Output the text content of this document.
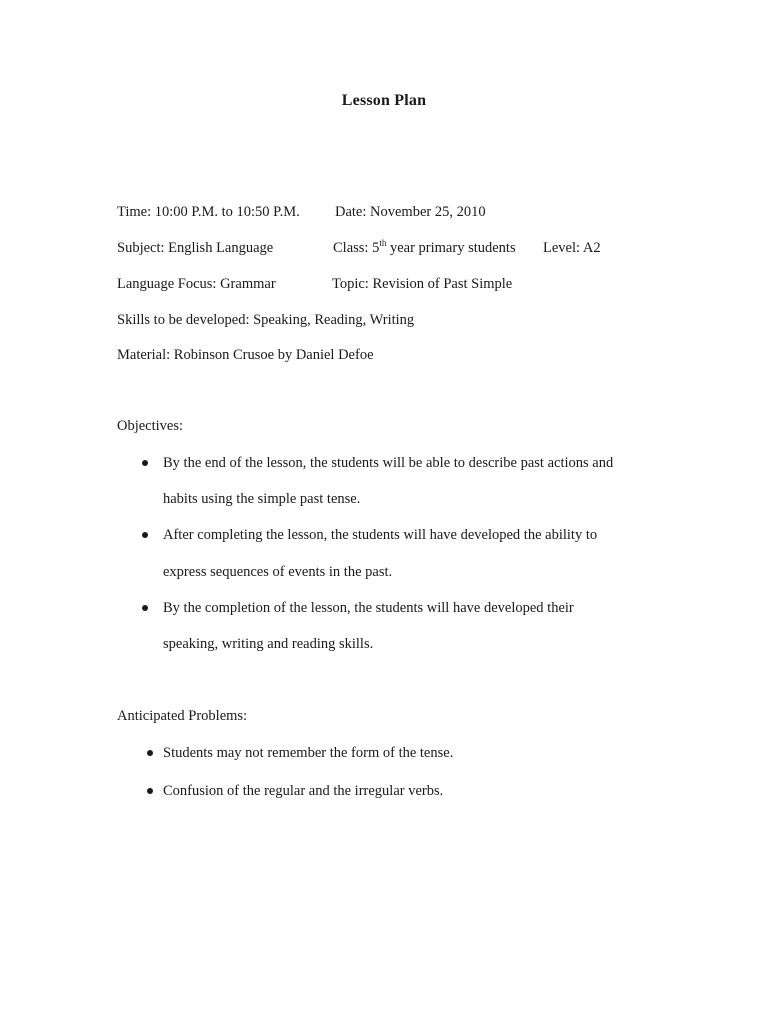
Lesson Plan
Time: 10:00 P.M. to 10:50 P.M. Date: November 25, 2010
Subject: English Language	Class: 5th year primary students Level: A2
Language Focus: Grammar	Topic: Revision of Past Simple
Skills to be developed: Speaking, Reading, Writing
Material: Robinson Crusoe by Daniel Defoe
Objectives:
By the end of the lesson, the students will be able to describe past actions and
habits using the simple past tense.
After completing the lesson, the students will have developed the ability to
express sequences of events in the past.
By the completion of the lesson, the students will have developed their
speaking, writing and reading skills.
Anticipated Problems:
Students may not remember the form of the tense.
Confusion of the regular and the irregular verbs.
